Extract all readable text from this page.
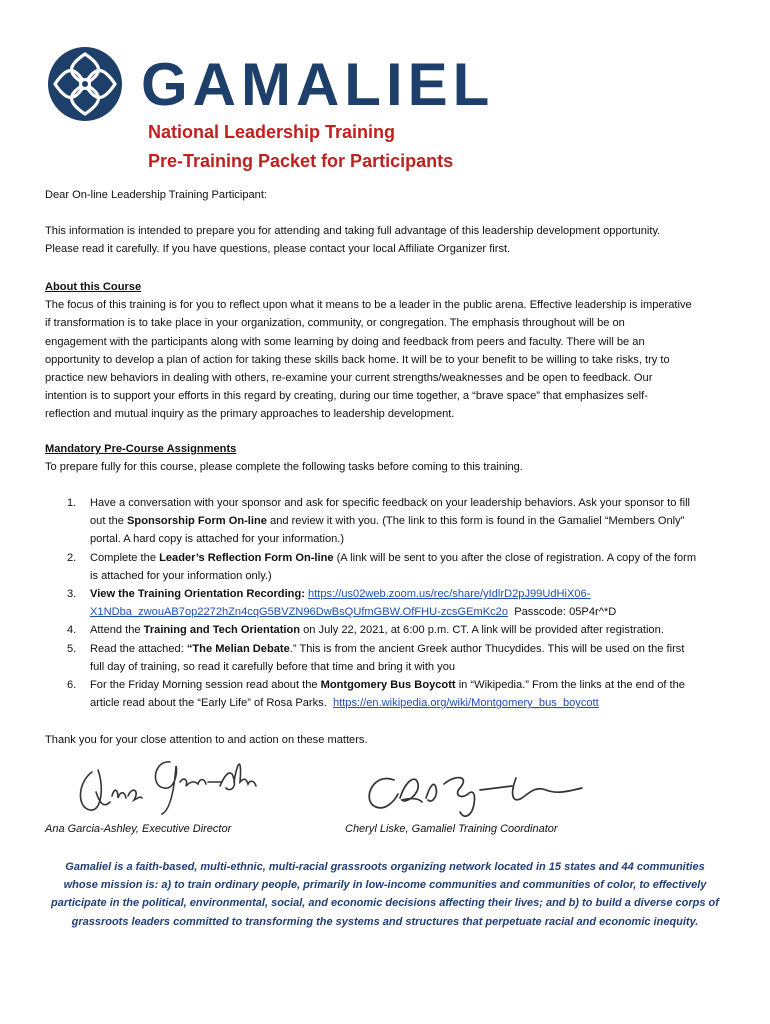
GAMALIEL
National Leadership Training
Pre-Training Packet for Participants
Dear On-line Leadership Training Participant:
This information is intended to prepare you for attending and taking full advantage of this leadership development opportunity.
Please read it carefully. If you have questions, please contact your local Affiliate Organizer first.
About this Course
The focus of this training is for you to reflect upon what it means to be a leader in the public arena. Effective leadership is imperative
if transformation is to take place in your organization, community, or congregation. The emphasis throughout will be on
engagement with the participants along with some learning by doing and feedback from peers and faculty. There will be an
opportunity to develop a plan of action for taking these skills back home. It will be to your benefit to be willing to take risks, try to
practice new behaviors in dealing with others, re-examine your current strengths/weaknesses and be open to feedback. Our
intention is to support your efforts in this regard by creating, during our time together, a “brave space” that emphasizes self-
reflection and mutual inquiry as the primary approaches to leadership development.
Mandatory Pre-Course Assignments
To prepare fully for this course, please complete the following tasks before coming to this training.
1. Have a conversation with your sponsor and ask for specific feedback on your leadership behaviors. Ask your sponsor to fill
out the Sponsorship Form On-line and review it with you. (The link to this form is found in the Gamaliel “Members Only”
portal. A hard copy is attached for your information.)
2. Complete the Leader’s Reflection Form On-line (A link will be sent to you after the close of registration. A copy of the form
is attached for your information only.)
3. View the Training Orientation Recording: https://us02web.zoom.us/rec/share/yIdlrD2pJ99UdHiX06-
X1NDba_zwouAB7op2272hZn4cqG5BVZN96DwBsQUfmGBW.OfFHU-zcsGEmKc2o Passcode: 05P4r^*D
4. Attend the Training and Tech Orientation on July 22, 2021, at 6:00 p.m. CT. A link will be provided after registration.
5. Read the attached: “The Melian Debate.” This is from the ancient Greek author Thucydides. This will be used on the first
full day of training, so read it carefully before that time and bring it with you
6. For the Friday Morning session read about the Montgomery Bus Boycott in “Wikipedia.” From the links at the end of the
article read about the “Early Life” of Rosa Parks. https://en.wikipedia.org/wiki/Montgomery_bus_boycott
Thank you for your close attention to and action on these matters.
Ana Garcia-Ashley, Executive Director	Cheryl Liske, Gamaliel Training Coordinator
Gamaliel is a faith-based, multi-ethnic, multi-racial grassroots organizing network located in 15 states and 44 communities
whose mission is: a) to train ordinary people, primarily in low-income communities and communities of color, to effectively
participate in the political, environmental, social, and economic decisions affecting their lives; and b) to build a diverse corps of
grassroots leaders committed to transforming the systems and structures that perpetuate racial and economic inequity.
